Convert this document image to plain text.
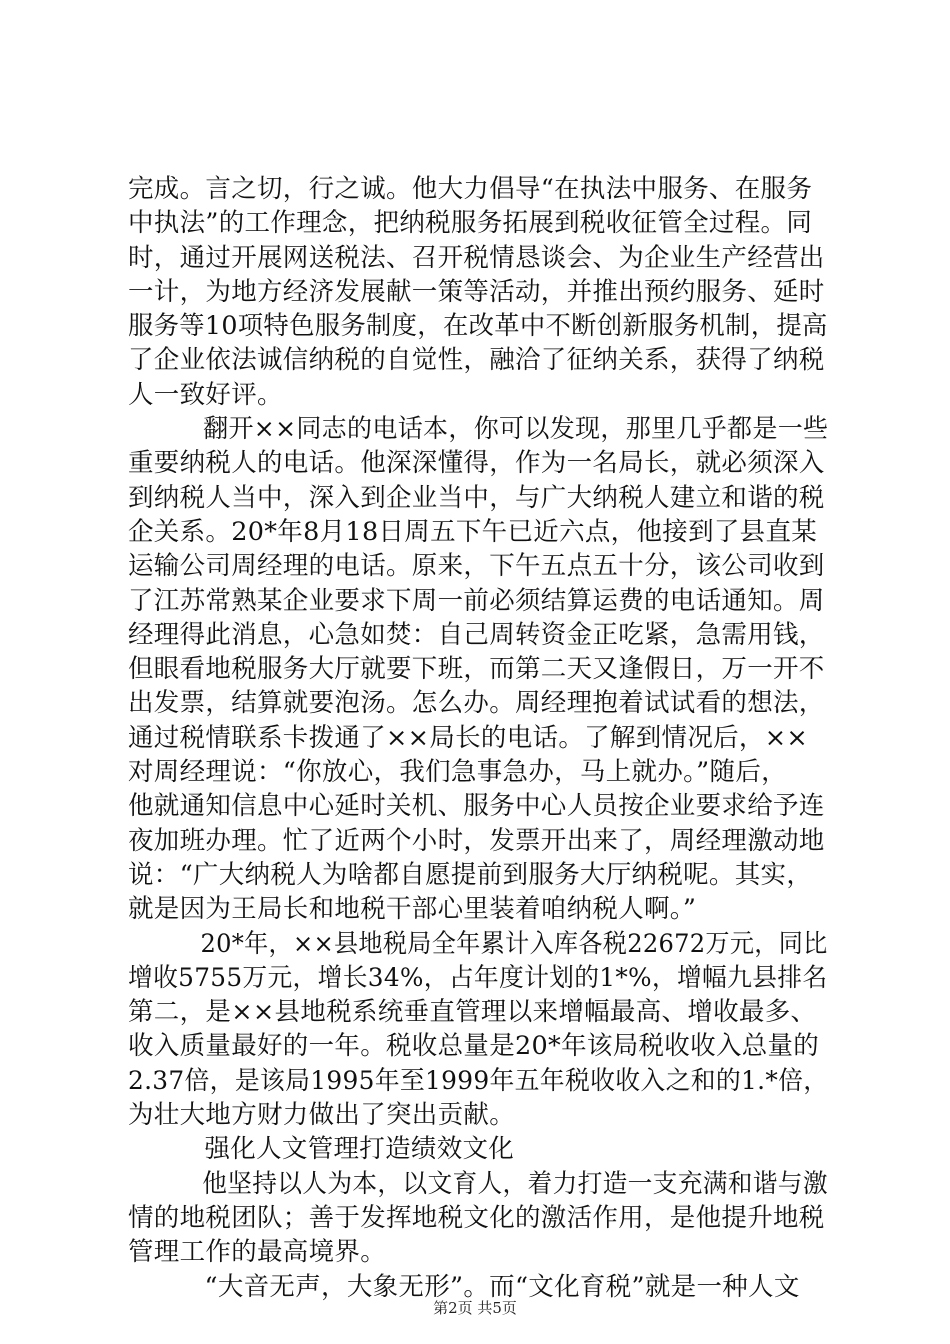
完成。言之切，行之诚。他大力倡导“在执法中服务、在服务
中执法”的工作理念，把纳税服务拓展到税收征管全过程。同
时，通过开展网送税法、召开税情恳谈会、为企业生产经营出
一计，为地方经济发展献一策等活动，并推出预约服务、延时
服务等10项特色服务制度，在改革中不断创新服务机制，提高
了企业依法诚信纳税的自觉性，融洽了征纳关系，获得了纳税
人一致好评。
翻开××同志的电话本，你可以发现，那里几乎都是一些
重要纳税人的电话。他深深懂得，作为一名局长，就必须深入
到纳税人当中，深入到企业当中，与广大纳税人建立和谐的税
企关系。20*年8月18日周五下午已近六点，他接到了县直某
运输公司周经理的电话。原来，下午五点五十分，该公司收到
了江苏常熟某企业要求下周一前必须结算运费的电话通知。周
经理得此消息，心急如焚：自己周转资金正吃紧，急需用钱，
但眼看地税服务大厅就要下班，而第二天又逢假日，万一开不
出发票，结算就要泡汤。怎么办。周经理抱着试试看的想法，
通过税情联系卡拨通了××局长的电话。了解到情况后，××
对周经理说：“你放心，我们急事急办，马上就办。”随后，
他就通知信息中心延时关机、服务中心人员按企业要求给予连
夜加班办理。忙了近两个小时，发票开出来了，周经理激动地
说：“广大纳税人为啥都自愿提前到服务大厅纳税呢。其实，
就是因为王局长和地税干部心里装着咱纳税人啊。”
20*年，××县地税局全年累计入库各税22672万元，同比
增收5755万元，增长34%，占年度计划的1*%，增幅九县排名
第二，是××县地税系统垂直管理以来增幅最高、增收最多、
收入质量最好的一年。税收总量是20*年该局税收收入总量的
2.37倍，是该局1995年至1999年五年税收收入之和的1.*倍，
为壮大地方财力做出了突出贡献。
强化人文管理打造绩效文化
他坚持以人为本，以文育人，着力打造一支充满和谐与激
情的地税团队；善于发挥地税文化的激活作用，是他提升地税
管理工作的最高境界。
“大音无声，大象无形”。而“文化育税”就是一种人文
第2页 共5页
